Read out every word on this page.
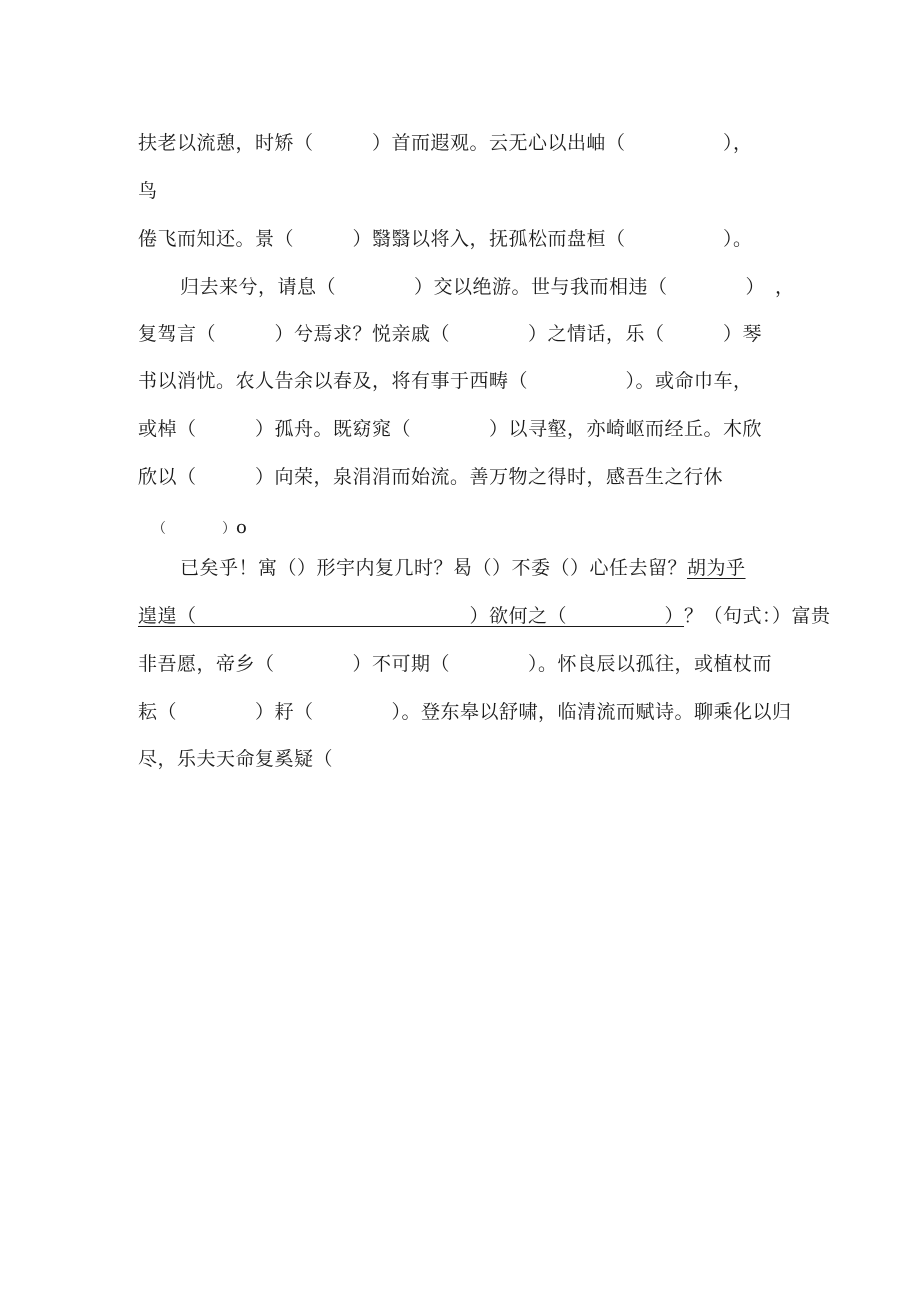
扶老以流憩，时矫（　　　）首而遐观。云无心以出岫（　　　　　），
鸟
倦飞而知还。景（　　　）翳翳以将入，抚孤松而盘桓（　　　　　）。
归去来兮，请息（　　　　）交以绝游。世与我而相违（　　　　）　，
复驾言（　　　）兮焉求？悦亲戚（　　　　）之情话，乐（　　　）琴
书以消忧。农人告余以春及，将有事于西畴（　　　　　）。或命巾车，
或棹（　　　）孤舟。既窈窕（　　　　）以寻壑，亦崎岖而经丘。木欣
欣以（　　　）向荣，泉涓涓而始流。善万物之得时，感吾生之行休
（　　　　）o
已矣乎！寓（）形宇内复几时？曷（）不委（）心任去留？胡为乎
遑遑（　　　　　　　　　　　　　　）欲何之（　　　　　）？（句式：）富贵
非吾愿，帝乡（　　　　）不可期（　　　　）。怀良辰以孤往，或植杖而
耘（　　　　）耔（　　　　）。登东皋以舒啸，临清流而赋诗。聊乘化以归
尽，乐夫天命复奚疑（
